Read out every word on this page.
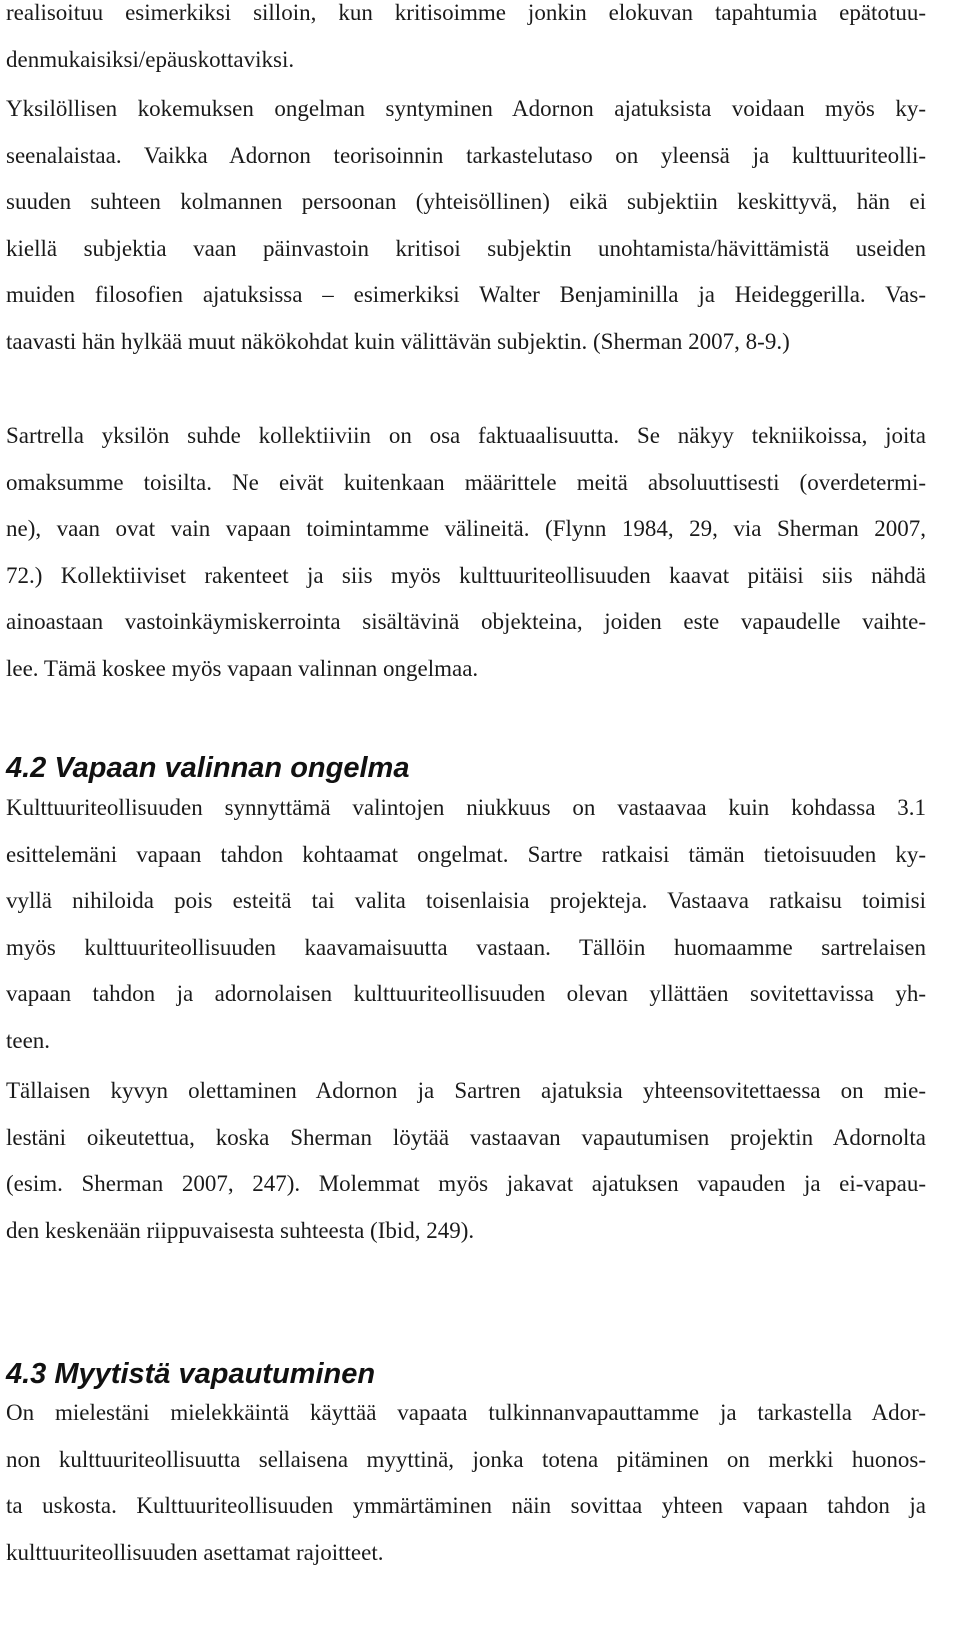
realisoituu esimerkiksi silloin, kun kritisoimme jonkin elokuvan tapahtumia epätotuu-
denmukaisiksi/epäuskottaviksi.
Yksilöllisen kokemuksen ongelman syntyminen Adornon ajatuksista voidaan myös ky-
seenalaistaa. Vaikka Adornon teorisoinnin tarkastelutaso on yleensä ja kulttuuriteolli-
suuden suhteen kolmannen persoonan (yhteisöllinen) eikä subjektiin keskittyvä, hän ei
kiellä subjektia vaan päinvastoin kritisoi subjektin unohtamista/hävittämistä useiden
muiden filosofien ajatuksissa – esimerkiksi Walter Benjaminilla ja Heideggerilla. Vas-
taavasti hän hylkää muut näkökohdat kuin välittävän subjektin. (Sherman 2007, 8-9.)
Sartrella yksilön suhde kollektiiviin on osa faktuaalisuutta. Se näkyy tekniikoissa, joita
omaksumme toisilta. Ne eivät kuitenkaan määrittele meitä absoluuttisesti (overdetermi-
ne), vaan ovat vain vapaan toimintamme välineitä. (Flynn 1984, 29, via Sherman 2007,
72.) Kollektiiviset rakenteet ja siis myös kulttuuriteollisuuden kaavat pitäisi siis nähdä
ainoastaan vastoinkäymiskerrointa sisältävinä objekteina, joiden este vapaudelle vaihte-
lee. Tämä koskee myös vapaan valinnan ongelmaa.
4.2 Vapaan valinnan ongelma
Kulttuuriteollisuuden synnyttämä valintojen niukkuus on vastaavaa kuin kohdassa 3.1
esittelemäni vapaan tahdon kohtaamat ongelmat. Sartre ratkaisi tämän tietoisuuden ky-
vyllä nihiloida pois esteitä tai valita toisenlaisia projekteja. Vastaava ratkaisu toimisi
myös kulttuuriteollisuuden kaavamaisuutta vastaan. Tällöin huomaamme sartrelaisen
vapaan tahdon ja adornolaisen kulttuuriteollisuuden olevan yllättäen sovitettavissa yh-
teen.
Tällaisen kyvyn olettaminen Adornon ja Sartren ajatuksia yhteensovitettaessa on mie-
lestäni oikeutettua, koska Sherman löytää vastaavan vapautumisen projektin Adornolta
(esim. Sherman 2007, 247). Molemmat myös jakavat ajatuksen vapauden ja ei-vapau-
den keskenään riippuvaisesta suhteesta (Ibid, 249).
4.3 Myytistä vapautuminen
On mielestäni mielekkäintä käyttää vapaata tulkinnanvapauttamme ja tarkastella Ador-
non kulttuuriteollisuutta sellaisena myyttinä, jonka totena pitäminen on merkki huonos-
ta uskosta. Kulttuuriteollisuuden ymmärtäminen näin sovittaa yhteen vapaan tahdon ja
kulttuuriteollisuuden asettamat rajoitteet.
